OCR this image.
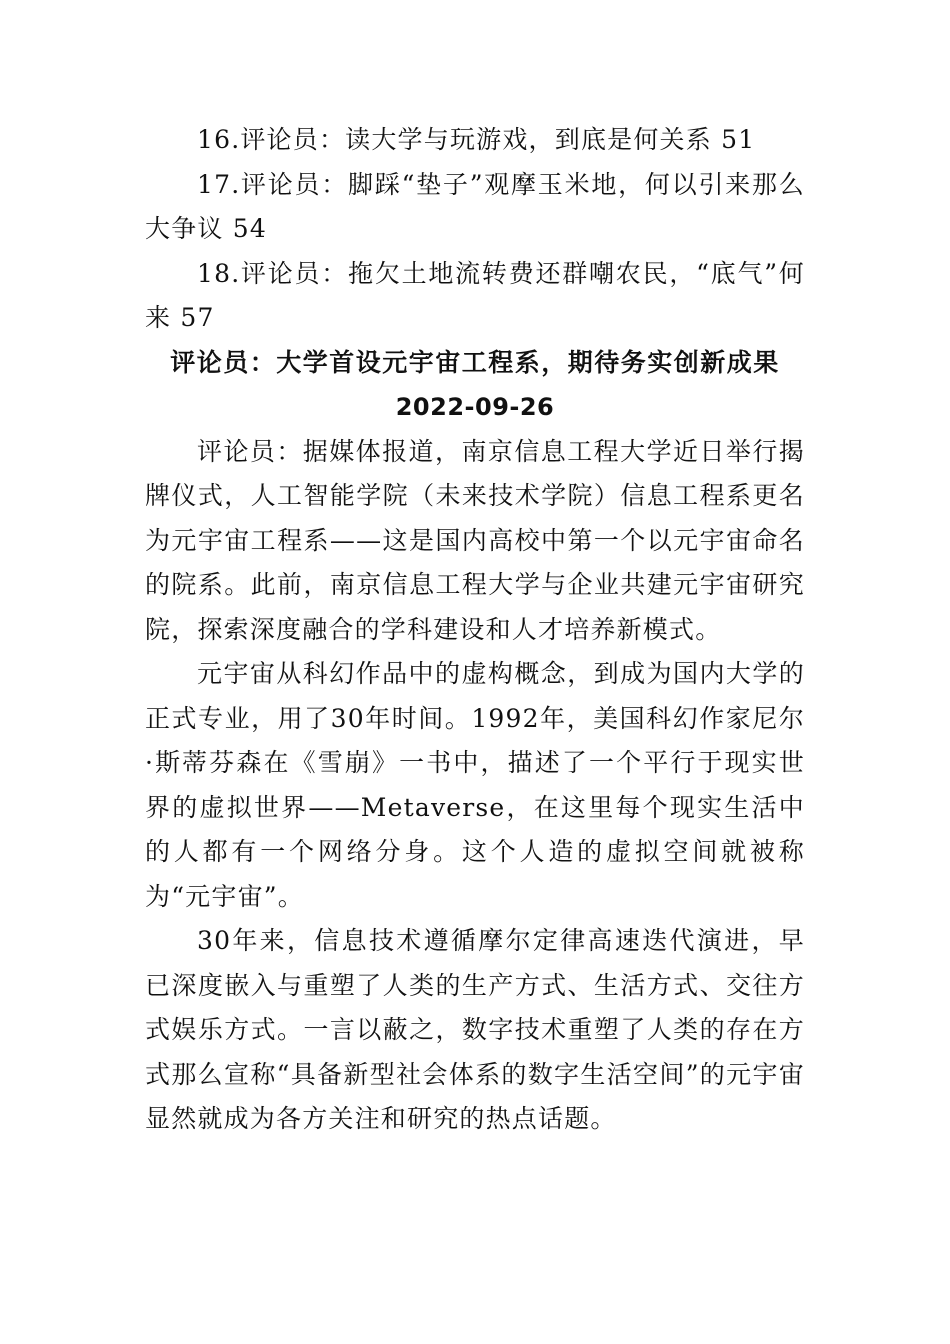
16.评论员：读大学与玩游戏，到底是何关系 51

17.评论员：脚踩“垫子”观摩玉米地，何以引来那么大争议 54

18.评论员：拖欠土地流转费还群嘲农民，“底气”何来 57

评论员：大学首设元宇宙工程系，期待务实创新成果

2022-09-26

评论员：据媒体报道，南京信息工程大学近日举行揭牌仪式，人工智能学院（未来技术学院）信息工程系更名为元宇宙工程系——这是国内高校中第一个以元宇宙命名的院系。此前，南京信息工程大学与企业共建元宇宙研究院，探索深度融合的学科建设和人才培养新模式。

元宇宙从科幻作品中的虚构概念，到成为国内大学的正式专业，用了30年时间。1992年，美国科幻作家尼尔·斯蒂芬森在《雪崩》一书中，描述了一个平行于现实世界的虚拟世界——Metaverse，在这里每个现实生活中的人都有一个网络分身。这个人造的虚拟空间就被称为“元宇宙”。

30年来，信息技术遵循摩尔定律高速迭代演进，早已深度嵌入与重塑了人类的生产方式、生活方式、交往方式娱乐方式。一言以蔽之，数字技术重塑了人类的存在方式那么宣称“具备新型社会体系的数字生活空间”的元宇宙显然就成为各方关注和研究的热点话题。
